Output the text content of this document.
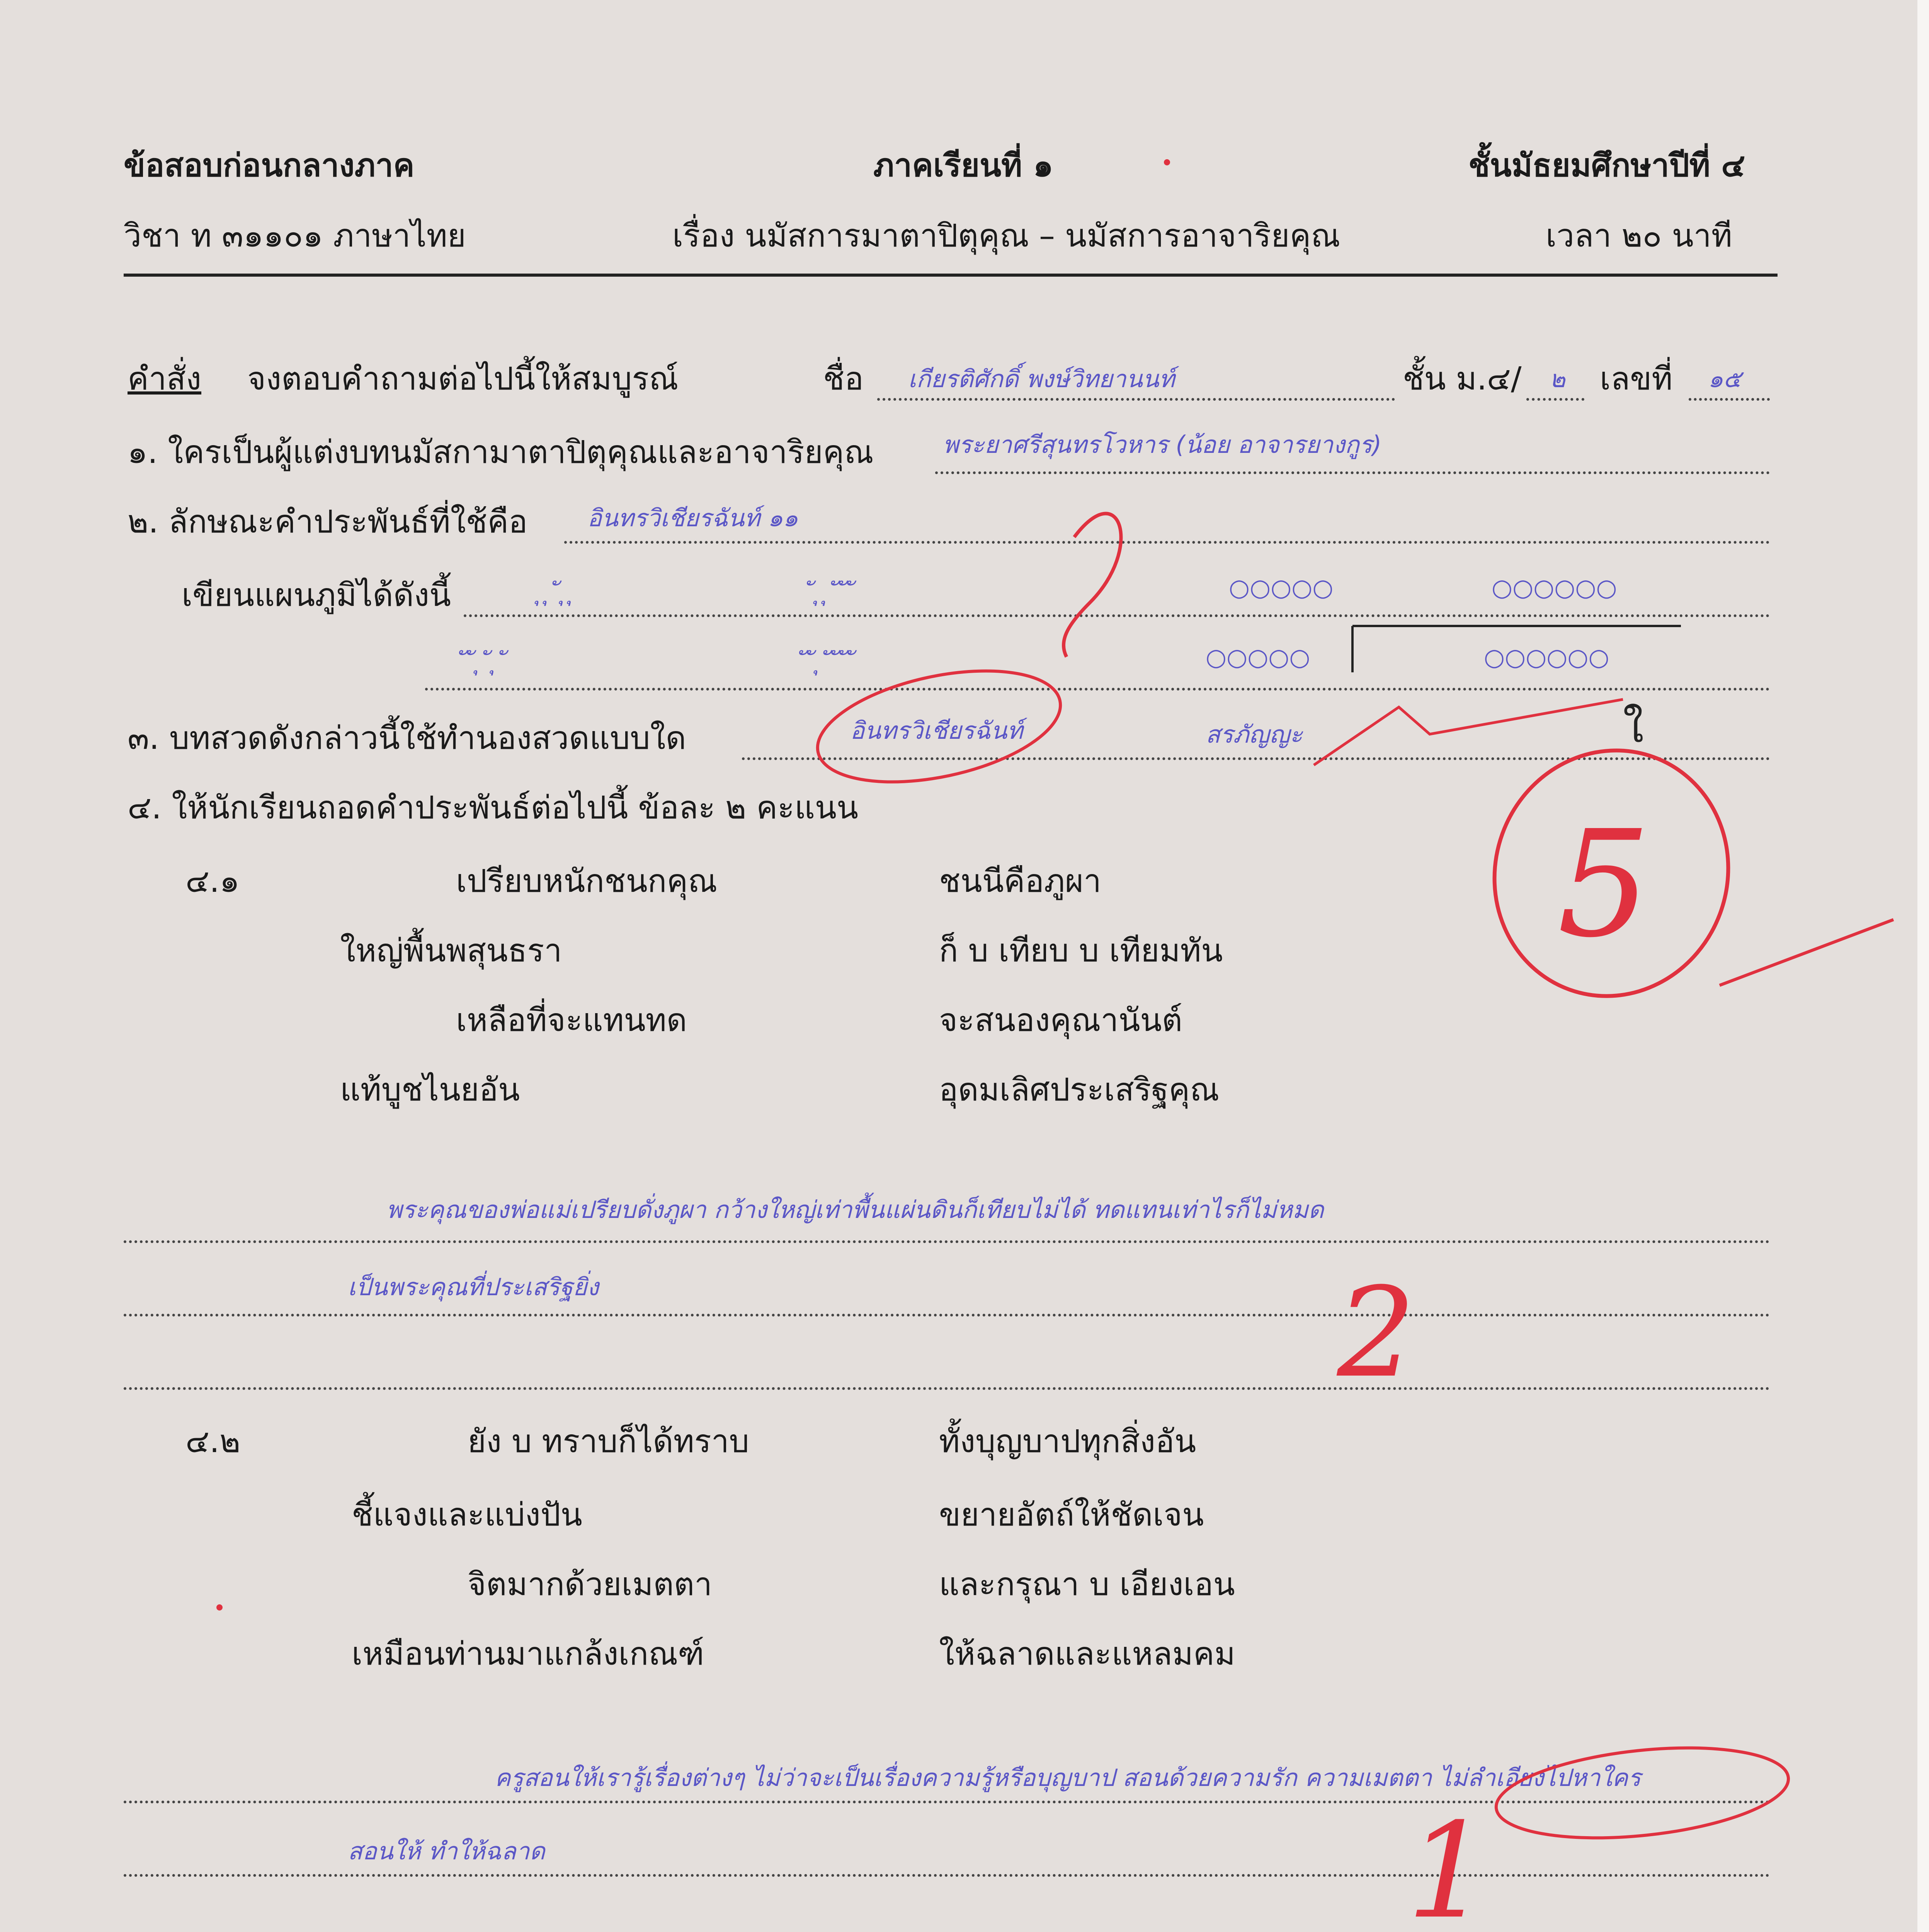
ข้อสอบก่อนกลางภาค	ภาคเรียนที่ ๑	ชั้นมัธยมศึกษาปีที่ ๔
วิชา ท ๓๑๑๐๑ ภาษาไทย	เรื่อง นมัสการมาตาปิตุคุณ – นมัสการอาจาริยคุณ	เวลา ๒๐ นาที
คำสั่ง จงตอบคำถามต่อไปนี้ให้สมบูรณ์	ชื่อ เกียรติศักดิ์ พงษ์วิทยานนท์	ชั้น ม.๔/ ๒ เลขที่ ๑๕
๑. ใครเป็นผู้แต่งบทนมัสกามาตาปิตุคุณและอาจาริยคุณ	พระยาศรีสุนทรโวหาร (น้อย อาจารยางกูร)
๒. ลักษณะคำประพันธ์ที่ใช้คือ อินทรวิเชียรฉันท์ ๑๑
เขียนแผนภูมิได้ดังนี้	ุ ุ ั ุ ุ	ั ุ ุ ั ั ั	○○○○○	○○○○○○
ั ั ุ ั ุ ั	ั ั ุ ั ั ั ั	○○○○○	○○○○○○
๓. บทสวดดังกล่าวนี้ใช้ทำนองสวดแบบใด	อินทรวิเชียรฉันท์	สรภัญญะ
๔. ให้นักเรียนถอดคำประพันธ์ต่อไปนี้ ข้อละ ๒ คะแนน
๔.๑	เปรียบหนักชนกคุณ	ชนนีคือภูผา
ใหญ่พื้นพสุนธรา	ก็ บ เทียบ บ เทียมทัน
เหลือที่จะแทนทด	จะสนองคุณานันต์
แท้บูชไนยอัน	อุดมเลิศประเสริฐคุณ
พระคุณของพ่อแม่เปรียบดั่งภูผา กว้างใหญ่เท่าพื้นแผ่นดินก็เทียบไม่ได้ ทดแทนเท่าไรก็ไม่หมด
เป็นพระคุณที่ประเสริฐยิ่ง
๔.๒	ยัง บ ทราบก็ได้ทราบ	ทั้งบุญบาปทุกสิ่งอัน
ชี้แจงและแบ่งปัน	ขยายอัตถ์ให้ชัดเจน
จิตมากด้วยเมตตา	และกรุณา บ เอียงเอน
เหมือนท่านมาแกล้งเกณฑ์	ให้ฉลาดและแหลมคม
ครูสอนให้เรารู้เรื่องต่างๆ ไม่ว่าจะเป็นเรื่องความรู้หรือบุญบาป สอนด้วยความรัก ความเมตตา ไม่ลำเอียงไปหาใคร
สอนให้ ทำให้ฉลาด
5
2
1
ใ
